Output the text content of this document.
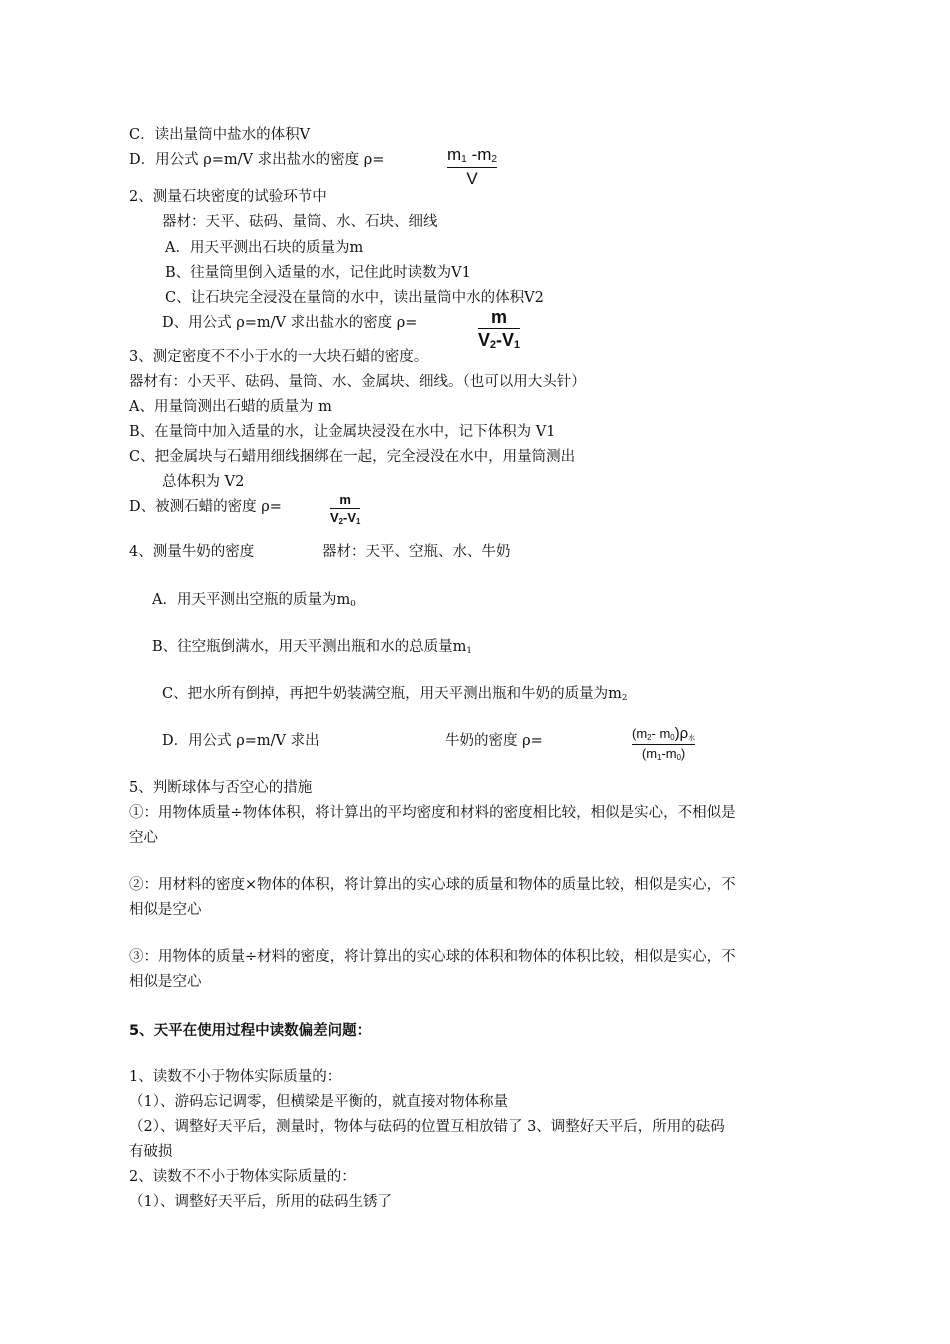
C．读出量筒中盐水的体积V
D．用公式 ρ=m/V 求出盐水的密度 ρ=	$m_1$ $-m_2$
V
2、测量石块密度的试验环节中
器材：天平、砝码、量筒、水、石块、细线
A．用天平测出石块的质量为m
B、往量筒里倒入适量的水，记住此时读数为V1
C、让石块完全浸没在量筒的水中，读出量筒中水的体积V2
D、用公式 ρ=m/V 求出盐水的密度 ρ=	m
$V_2-V_1$
3、测定密度不不小于水的一大块石蜡的密度。
器材有：小天平、砝码、量筒、水、金属块、细线。（也可以用大头针）
A、用量筒测出石蜡的质量为 m
B、在量筒中加入适量的水，让金属块浸没在水中，记下体积为 V1
C、把金属块与石蜡用细线捆绑在一起，完全浸没在水中，用量筒测出
总体积为 V2
D、被测石蜡的密度 ρ=	m
$V_2-V_1$
4、测量牛奶的密度	器材：天平、空瓶、水、牛奶
A．用天平测出空瓶的质量为$m_0$
B、往空瓶倒满水，用天平测出瓶和水的总质量$m_1$
C、把水所有倒掉，再把牛奶装满空瓶，用天平测出瓶和牛奶的质量为$m_2$
D．用公式 ρ=m/V 求出	牛奶的密度 ρ=	($m_2-$ $m_0)\rho_水$
$(m_1-m_0)$
5、判断球体与否空心的措施
①：用物体质量÷物体体积，将计算出的平均密度和材料的密度相比较，相似是实心，不相似是
空心
②：用材料的密度×物体的体积，将计算出的实心球的质量和物体的质量比较，相似是实心，不
相似是空心
③：用物体的质量÷材料的密度，将计算出的实心球的体积和物体的体积比较，相似是实心，不
相似是空心
5、天平在使用过程中读数偏差问题：
1、读数不小于物体实际质量的：
（1）、游码忘记调零，但横梁是平衡的，就直接对物体称量
（2）、调整好天平后，测量时，物体与砝码的位置互相放错了 3、调整好天平后，所用的砝码
有破损
2、读数不不小于物体实际质量的：
（1）、调整好天平后，所用的砝码生锈了
